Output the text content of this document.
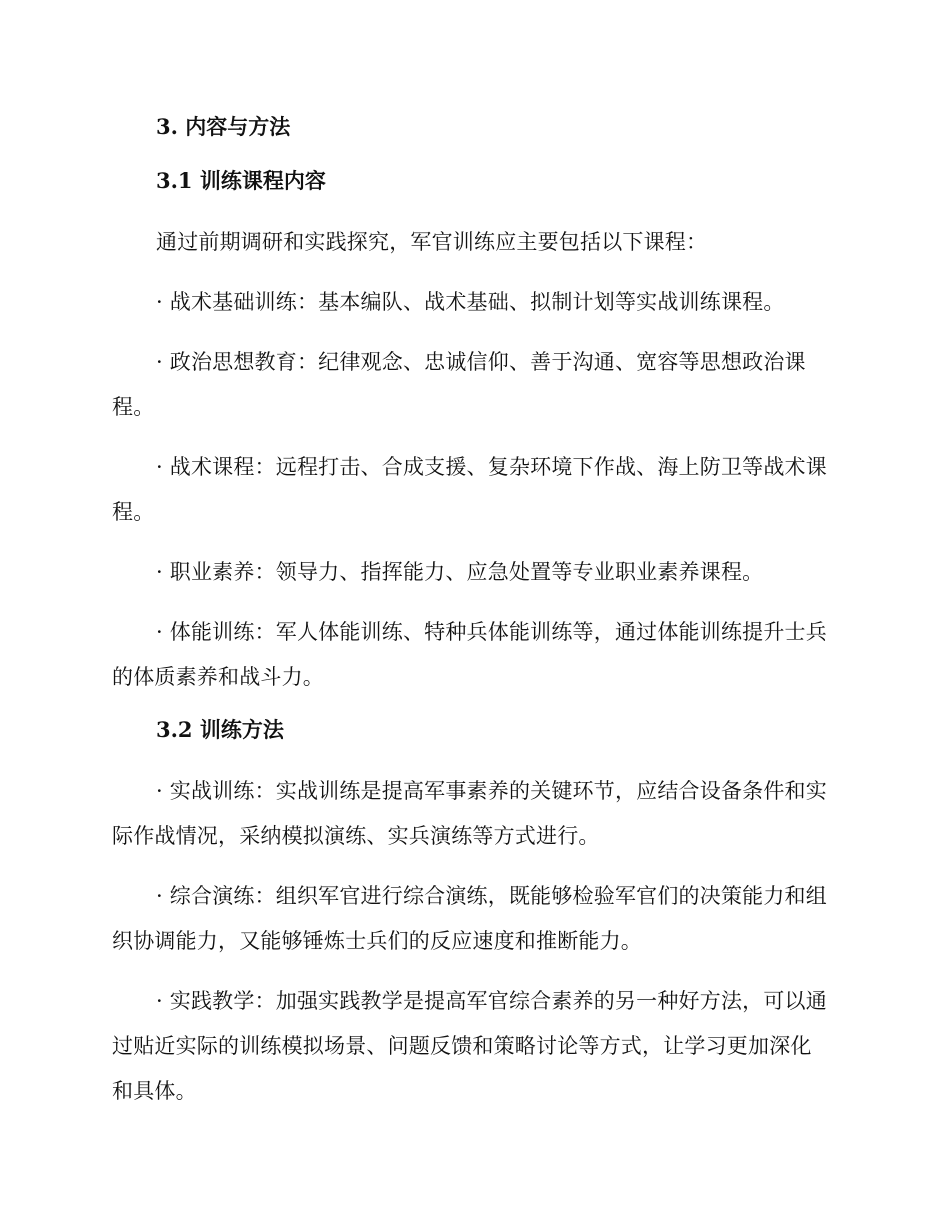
3. 内容与方法
3.1 训练课程内容

通过前期调研和实践探究，军官训练应主要包括以下课程：

· 战术基础训练：基本编队、战术基础、拟制计划等实战训练课程。

· 政治思想教育：纪律观念、忠诚信仰、善于沟通、宽容等思想政治课程。

· 战术课程：远程打击、合成支援、复杂环境下作战、海上防卫等战术课程。

· 职业素养：领导力、指挥能力、应急处置等专业职业素养课程。

· 体能训练：军人体能训练、特种兵体能训练等，通过体能训练提升士兵的体质素养和战斗力。

3.2 训练方法

· 实战训练：实战训练是提高军事素养的关键环节，应结合设备条件和实际作战情况，采纳模拟演练、实兵演练等方式进行。

· 综合演练：组织军官进行综合演练，既能够检验军官们的决策能力和组织协调能力，又能够锤炼士兵们的反应速度和推断能力。

· 实践教学：加强实践教学是提高军官综合素养的另一种好方法，可以通过贴近实际的训练模拟场景、问题反馈和策略讨论等方式，让学习更加深化和具体。
